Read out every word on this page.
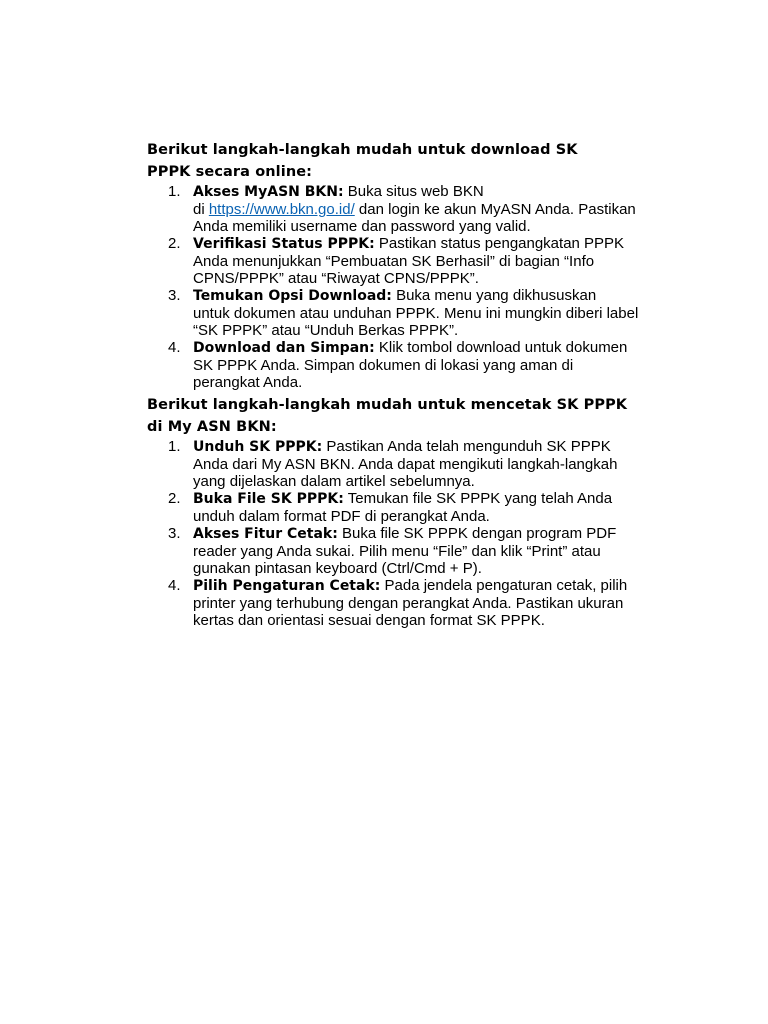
Berikut langkah-langkah mudah untuk download SK
PPPK secara online:

1. Akses MyASN BKN: Buka situs web BKN
di https://www.bkn.go.id/ dan login ke akun MyASN Anda. Pastikan
Anda memiliki username dan password yang valid.
2. Verifikasi Status PPPK: Pastikan status pengangkatan PPPK
Anda menunjukkan “Pembuatan SK Berhasil” di bagian “Info
CPNS/PPPK” atau “Riwayat CPNS/PPPK”.
3. Temukan Opsi Download: Buka menu yang dikhususkan
untuk dokumen atau unduhan PPPK. Menu ini mungkin diberi label
“SK PPPK” atau “Unduh Berkas PPPK”.
4. Download dan Simpan: Klik tombol download untuk dokumen
SK PPPK Anda. Simpan dokumen di lokasi yang aman di
perangkat Anda.

Berikut langkah-langkah mudah untuk mencetak SK PPPK
di My ASN BKN:

1. Unduh SK PPPK: Pastikan Anda telah mengunduh SK PPPK
Anda dari My ASN BKN. Anda dapat mengikuti langkah-langkah
yang dijelaskan dalam artikel sebelumnya.
2. Buka File SK PPPK: Temukan file SK PPPK yang telah Anda
unduh dalam format PDF di perangkat Anda.
3. Akses Fitur Cetak: Buka file SK PPPK dengan program PDF
reader yang Anda sukai. Pilih menu “File” dan klik “Print” atau
gunakan pintasan keyboard (Ctrl/Cmd + P).
4. Pilih Pengaturan Cetak: Pada jendela pengaturan cetak, pilih
printer yang terhubung dengan perangkat Anda. Pastikan ukuran
kertas dan orientasi sesuai dengan format SK PPPK.
